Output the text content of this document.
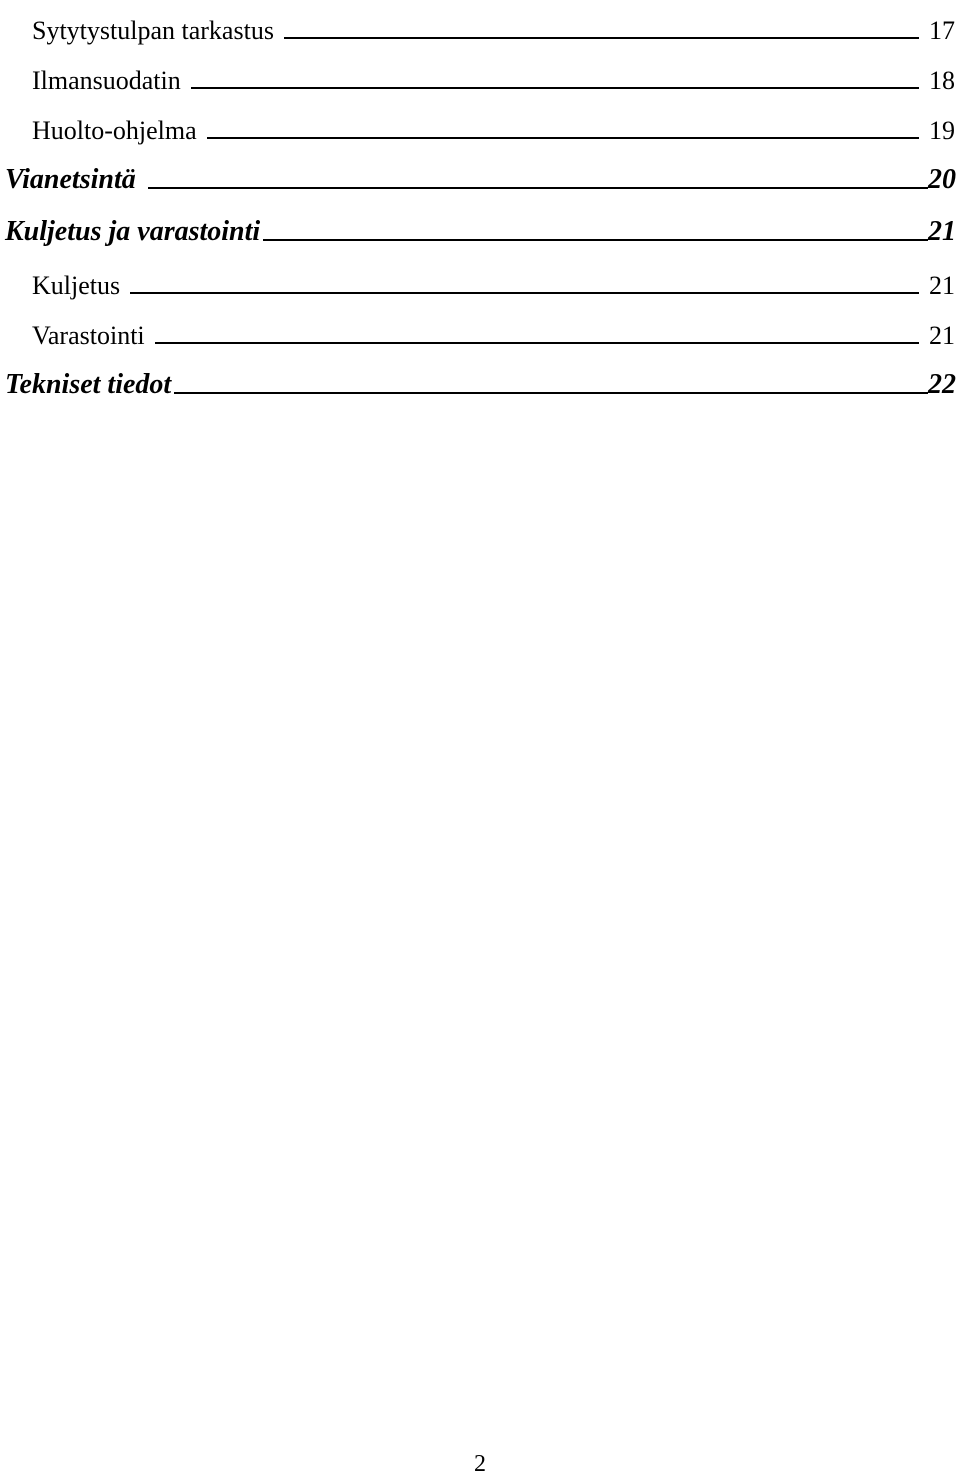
Sytytystulpan tarkastus	17
Ilmansuodatin	18
Huolto-ohjelma	19
Vianetsintä	20
Kuljetus ja varastointi	21
Kuljetus	21
Varastointi	21
Tekniset tiedot	22
2
